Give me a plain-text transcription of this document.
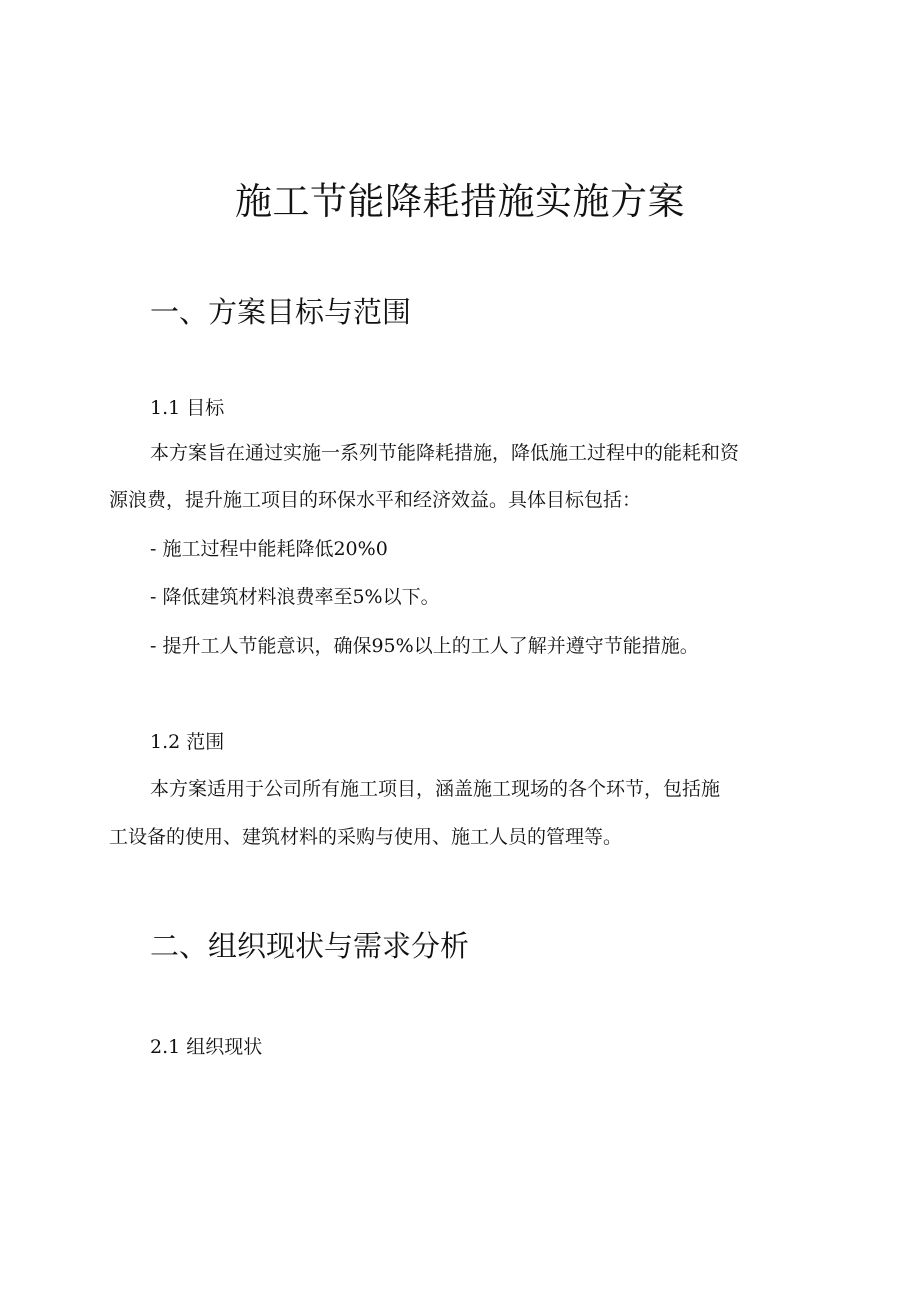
施工节能降耗措施实施方案
一、方案目标与范围
1.1 目标

本方案旨在通过实施一系列节能降耗措施，降低施工过程中的能耗和资

源浪费，提升施工项目的环保水平和经济效益。具体目标包括：

- 施工过程中能耗降低20%0

- 降低建筑材料浪费率至5%以下。

- 提升工人节能意识，确保95%以上的工人了解并遵守节能措施。

1.2 范围

本方案适用于公司所有施工项目，涵盖施工现场的各个环节，包括施

工设备的使用、建筑材料的采购与使用、施工人员的管理等。

二、组织现状与需求分析
2.1 组织现状
